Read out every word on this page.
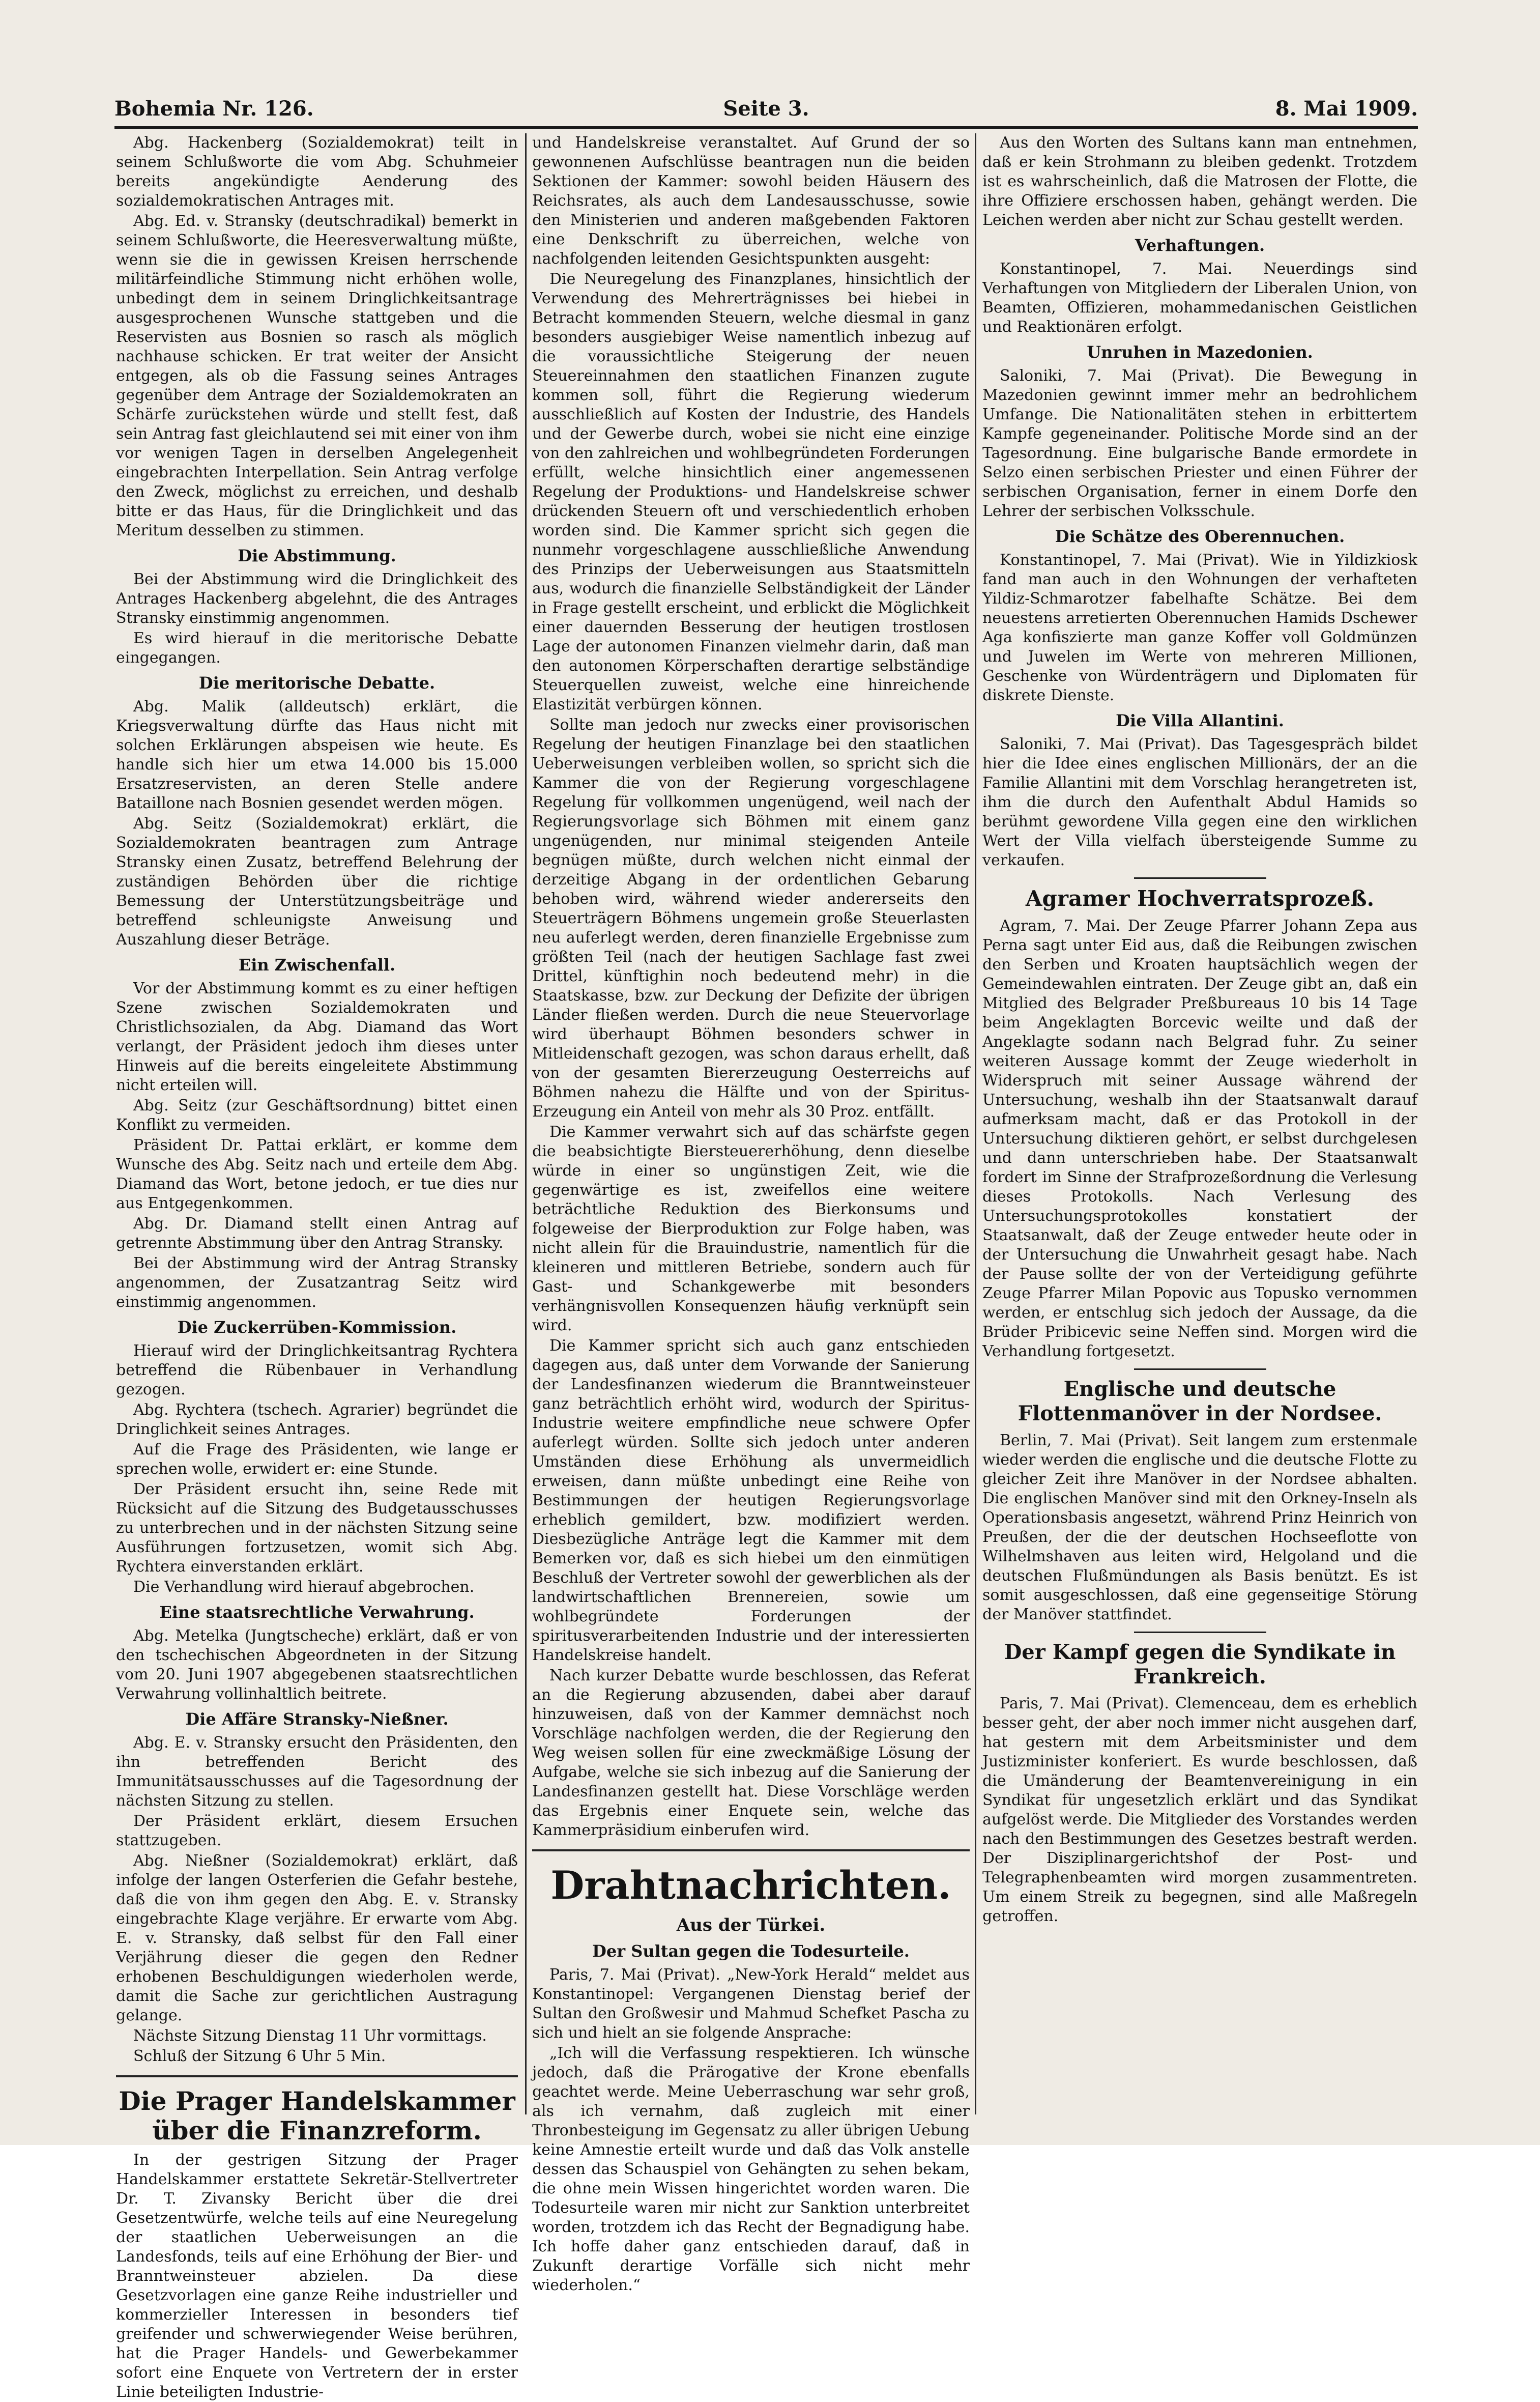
Bohemia Nr. 126.	Seite 3.	8. Mai 1909.

Abg. Hackenberg (Sozialdemokrat) teilt in seinem Schlußworte die vom Abg. Schuhmeier bereits angekündigte Aenderung des sozialdemokratischen Antrages mit.

Abg. Ed. v. Stransky (deutschradikal) bemerkt in seinem Schlußworte, die Heeresverwaltung müßte, wenn sie die in gewissen Kreisen herrschende militärfeindliche Stimmung nicht erhöhen wolle, unbedingt dem in seinem Dringlichkeitsantrage ausgesprochenen Wunsche stattgeben und die Reservisten aus Bosnien so rasch als möglich nachhause schicken. Er trat weiter der Ansicht entgegen, als ob die Fassung seines Antrages gegenüber dem Antrage der Sozialdemokraten an Schärfe zurückstehen würde und stellt fest, daß sein Antrag fast gleichlautend sei mit einer von ihm vor wenigen Tagen in derselben Angelegenheit eingebrachten Interpellation. Sein Antrag verfolge den Zweck, möglichst zu erreichen, und deshalb bitte er das Haus, für die Dringlichkeit und das Meritum desselben zu stimmen.

Die Abstimmung.

Bei der Abstimmung wird die Dringlichkeit des Antrages Hackenberg abgelehnt, die des Antrages Stransky einstimmig angenommen.

Es wird hierauf in die meritorische Debatte eingegangen.

Die meritorische Debatte.

Abg. Malik (alldeutsch) erklärt, die Kriegsverwaltung dürfte das Haus nicht mit solchen Erklärungen abspeisen wie heute. Es handle sich hier um etwa 14.000 bis 15.000 Ersatzreservisten, an deren Stelle andere Bataillone nach Bosnien gesendet werden mögen.

Abg. Seitz (Sozialdemokrat) erklärt, die Sozialdemokraten beantragen zum Antrage Stransky einen Zusatz, betreffend Belehrung der zuständigen Behörden über die richtige Bemessung der Unterstützungsbeiträge und betreffend schleunigste Anweisung und Auszahlung dieser Beträge.

Ein Zwischenfall.

Vor der Abstimmung kommt es zu einer heftigen Szene zwischen Sozialdemokraten und Christlichsozialen, da Abg. Diamand das Wort verlangt, der Präsident jedoch ihm dieses unter Hinweis auf die bereits eingeleitete Abstimmung nicht erteilen will.

Abg. Seitz (zur Geschäftsordnung) bittet einen Konflikt zu vermeiden.

Präsident Dr. Pattai erklärt, er komme dem Wunsche des Abg. Seitz nach und erteile dem Abg. Diamand das Wort, betone jedoch, er tue dies nur aus Entgegenkommen.

Abg. Dr. Diamand stellt einen Antrag auf getrennte Abstimmung über den Antrag Stransky.

Bei der Abstimmung wird der Antrag Stransky angenommen, der Zusatzantrag Seitz wird einstimmig angenommen.

Die Zuckerrüben-Kommission.

Hierauf wird der Dringlichkeitsantrag Rychtera betreffend die Rübenbauer in Verhandlung gezogen.

Abg. Rychtera (tschech. Agrarier) begründet die Dringlichkeit seines Antrages.

Auf die Frage des Präsidenten, wie lange er sprechen wolle, erwidert er: eine Stunde.

Der Präsident ersucht ihn, seine Rede mit Rücksicht auf die Sitzung des Budgetausschusses zu unterbrechen und in der nächsten Sitzung seine Ausführungen fortzusetzen, womit sich Abg. Rychtera einverstanden erklärt.

Die Verhandlung wird hierauf abgebrochen.

Eine staatsrechtliche Verwahrung.

Abg. Metelka (Jungtscheche) erklärt, daß er von den tschechischen Abgeordneten in der Sitzung vom 20. Juni 1907 abgegebenen staatsrechtlichen Verwahrung vollinhaltlich beitrete.

Die Affäre Stransky-Nießner.

Abg. E. v. Stransky ersucht den Präsidenten, den ihn betreffenden Bericht des Immunitätsausschusses auf die Tagesordnung der nächsten Sitzung zu stellen.

Der Präsident erklärt, diesem Ersuchen stattzugeben.

Abg. Nießner (Sozialdemokrat) erklärt, daß infolge der langen Osterferien die Gefahr bestehe, daß die von ihm gegen den Abg. E. v. Stransky eingebrachte Klage verjähre. Er erwarte vom Abg. E. v. Stransky, daß selbst für den Fall einer Verjährung dieser die gegen den Redner erhobenen Beschuldigungen wiederholen werde, damit die Sache zur gerichtlichen Austragung gelange.

Nächste Sitzung Dienstag 11 Uhr vormittags.

Schluß der Sitzung 6 Uhr 5 Min.

Die Prager Handelskammer über die Finanzreform.

In der gestrigen Sitzung der Prager Handelskammer erstattete Sekretär-Stellvertreter Dr. T. Zivansky Bericht über die drei Gesetzentwürfe, welche teils auf eine Neuregelung der staatlichen Ueberweisungen an die Landesfonds, teils auf eine Erhöhung der Bier- und Branntweinsteuer abzielen. Da diese Gesetzvorlagen eine ganze Reihe industrieller und kommerzieller Interessen in besonders tief greifender und schwerwiegender Weise berühren, hat die Prager Handels- und Gewerbekammer sofort eine Enquete von Vertretern der in erster Linie beteiligten Industrie-

und Handelskreise veranstaltet. Auf Grund der so gewonnenen Aufschlüsse beantragen nun die beiden Sektionen der Kammer: sowohl beiden Häusern des Reichsrates, als auch dem Landesausschusse, sowie den Ministerien und anderen maßgebenden Faktoren eine Denkschrift zu überreichen, welche von nachfolgenden leitenden Gesichtspunkten ausgeht:

Die Neuregelung des Finanzplanes, hinsichtlich der Verwendung des Mehrerträgnisses bei hiebei in Betracht kommenden Steuern, welche diesmal in ganz besonders ausgiebiger Weise namentlich inbezug auf die voraussichtliche Steigerung der neuen Steuereinnahmen den staatlichen Finanzen zugute kommen soll, führt die Regierung wiederum ausschließlich auf Kosten der Industrie, des Handels und der Gewerbe durch, wobei sie nicht eine einzige von den zahlreichen und wohlbegründeten Forderungen erfüllt, welche hinsichtlich einer angemessenen Regelung der Produktions- und Handelskreise schwer drückenden Steuern oft und verschiedentlich erhoben worden sind. Die Kammer spricht sich gegen die nunmehr vorgeschlagene ausschließliche Anwendung des Prinzips der Ueberweisungen aus Staatsmitteln aus, wodurch die finanzielle Selbständigkeit der Länder in Frage gestellt erscheint, und erblickt die Möglichkeit einer dauernden Besserung der heutigen trostlosen Lage der autonomen Finanzen vielmehr darin, daß man den autonomen Körperschaften derartige selbständige Steuerquellen zuweist, welche eine hinreichende Elastizität verbürgen können.

Sollte man jedoch nur zwecks einer provisorischen Regelung der heutigen Finanzlage bei den staatlichen Ueberweisungen verbleiben wollen, so spricht sich die Kammer die von der Regierung vorgeschlagene Regelung für vollkommen ungenügend, weil nach der Regierungsvorlage sich Böhmen mit einem ganz ungenügenden, nur minimal steigenden Anteile begnügen müßte, durch welchen nicht einmal der derzeitige Abgang in der ordentlichen Gebarung behoben wird, während wieder andererseits den Steuerträgern Böhmens ungemein große Steuerlasten neu auferlegt werden, deren finanzielle Ergebnisse zum größten Teil (nach der heutigen Sachlage fast zwei Drittel, künftighin noch bedeutend mehr) in die Staatskasse, bzw. zur Deckung der Defizite der übrigen Länder fließen werden. Durch die neue Steuervorlage wird überhaupt Böhmen besonders schwer in Mitleidenschaft gezogen, was schon daraus erhellt, daß von der gesamten Biererzeugung Oesterreichs auf Böhmen nahezu die Hälfte und von der Spiritus-Erzeugung ein Anteil von mehr als 30 Proz. entfällt.

Die Kammer verwahrt sich auf das schärfste gegen die beabsichtigte Biersteuererhöhung, denn dieselbe würde in einer so ungünstigen Zeit, wie die gegenwärtige es ist, zweifellos eine weitere beträchtliche Reduktion des Bierkonsums und folgeweise der Bierproduktion zur Folge haben, was nicht allein für die Brauindustrie, namentlich für die kleineren und mittleren Betriebe, sondern auch für Gast- und Schankgewerbe mit besonders verhängnisvollen Konsequenzen häufig verknüpft sein wird.

Die Kammer spricht sich auch ganz entschieden dagegen aus, daß unter dem Vorwande der Sanierung der Landesfinanzen wiederum die Branntweinsteuer ganz beträchtlich erhöht wird, wodurch der Spiritus-Industrie weitere empfindliche neue schwere Opfer auferlegt würden. Sollte sich jedoch unter anderen Umständen diese Erhöhung als unvermeidlich erweisen, dann müßte unbedingt eine Reihe von Bestimmungen der heutigen Regierungsvorlage erheblich gemildert, bzw. modifiziert werden. Diesbezügliche Anträge legt die Kammer mit dem Bemerken vor, daß es sich hiebei um den einmütigen Beschluß der Vertreter sowohl der gewerblichen als der landwirtschaftlichen Brennereien, sowie um wohlbegründete Forderungen der spiritusverarbeitenden Industrie und der interessierten Handelskreise handelt.

Nach kurzer Debatte wurde beschlossen, das Referat an die Regierung abzusenden, dabei aber darauf hinzuweisen, daß von der Kammer demnächst noch Vorschläge nachfolgen werden, die der Regierung den Weg weisen sollen für eine zweckmäßige Lösung der Aufgabe, welche sie sich inbezug auf die Sanierung der Landesfinanzen gestellt hat. Diese Vorschläge werden das Ergebnis einer Enquete sein, welche das Kammerpräsidium einberufen wird.

Drahtnachrichten.
Aus der Türkei.
Der Sultan gegen die Todesurteile.

Paris, 7. Mai (Privat). „New-York Herald“ meldet aus Konstantinopel: Vergangenen Dienstag berief der Sultan den Großwesir und Mahmud Schefket Pascha zu sich und hielt an sie folgende Ansprache:

„Ich will die Verfassung respektieren. Ich wünsche jedoch, daß die Prärogative der Krone ebenfalls geachtet werde. Meine Ueberraschung war sehr groß, als ich vernahm, daß zugleich mit einer Thronbesteigung im Gegensatz zu aller übrigen Uebung keine Amnestie erteilt wurde und daß das Volk anstelle dessen das Schauspiel von Gehängten zu sehen bekam, die ohne mein Wissen hingerichtet worden waren. Die Todesurteile waren mir nicht zur Sanktion unterbreitet worden, trotzdem ich das Recht der Begnadigung habe. Ich hoffe daher ganz entschieden darauf, daß in Zukunft derartige Vorfälle sich nicht mehr wiederholen.“

Aus den Worten des Sultans kann man entnehmen, daß er kein Strohmann zu bleiben gedenkt. Trotzdem ist es wahrscheinlich, daß die Matrosen der Flotte, die ihre Offiziere erschossen haben, gehängt werden. Die Leichen werden aber nicht zur Schau gestellt werden.

Verhaftungen.

Konstantinopel, 7. Mai. Neuerdings sind Verhaftungen von Mitgliedern der Liberalen Union, von Beamten, Offizieren, mohammedanischen Geistlichen und Reaktionären erfolgt.

Unruhen in Mazedonien.

Saloniki, 7. Mai (Privat). Die Bewegung in Mazedonien gewinnt immer mehr an bedrohlichem Umfange. Die Nationalitäten stehen in erbittertem Kampfe gegeneinander. Politische Morde sind an der Tagesordnung. Eine bulgarische Bande ermordete in Selzo einen serbischen Priester und einen Führer der serbischen Organisation, ferner in einem Dorfe den Lehrer der serbischen Volksschule.

Die Schätze des Oberennuchen.

Konstantinopel, 7. Mai (Privat). Wie in Yildizkiosk fand man auch in den Wohnungen der verhafteten Yildiz-Schmarotzer fabelhafte Schätze. Bei dem neuestens arretierten Oberennuchen Hamids Dschewer Aga konfiszierte man ganze Koffer voll Goldmünzen und Juwelen im Werte von mehreren Millionen, Geschenke von Würdenträgern und Diplomaten für diskrete Dienste.

Die Villa Allantini.

Saloniki, 7. Mai (Privat). Das Tagesgespräch bildet hier die Idee eines englischen Millionärs, der an die Familie Allantini mit dem Vorschlag herangetreten ist, ihm die durch den Aufenthalt Abdul Hamids so berühmt gewordene Villa gegen eine den wirklichen Wert der Villa vielfach übersteigende Summe zu verkaufen.

Agramer Hochverratsprozeß.

Agram, 7. Mai. Der Zeuge Pfarrer Johann Zepa aus Perna sagt unter Eid aus, daß die Reibungen zwischen den Serben und Kroaten hauptsächlich wegen der Gemeindewahlen eintraten. Der Zeuge gibt an, daß ein Mitglied des Belgrader Preßbureaus 10 bis 14 Tage beim Angeklagten Borcevic weilte und daß der Angeklagte sodann nach Belgrad fuhr. Zu seiner weiteren Aussage kommt der Zeuge wiederholt in Widerspruch mit seiner Aussage während der Untersuchung, weshalb ihn der Staatsanwalt darauf aufmerksam macht, daß er das Protokoll in der Untersuchung diktieren gehört, er selbst durchgelesen und dann unterschrieben habe. Der Staatsanwalt fordert im Sinne der Strafprozeßordnung die Verlesung dieses Protokolls. Nach Verlesung des Untersuchungsprotokolles konstatiert der Staatsanwalt, daß der Zeuge entweder heute oder in der Untersuchung die Unwahrheit gesagt habe. Nach der Pause sollte der von der Verteidigung geführte Zeuge Pfarrer Milan Popovic aus Topusko vernommen werden, er entschlug sich jedoch der Aussage, da die Brüder Pribicevic seine Neffen sind. Morgen wird die Verhandlung fortgesetzt.

Englische und deutsche Flottenmanöver in der Nordsee.

Berlin, 7. Mai (Privat). Seit langem zum erstenmale wieder werden die englische und die deutsche Flotte zu gleicher Zeit ihre Manöver in der Nordsee abhalten. Die englischen Manöver sind mit den Orkney-Inseln als Operationsbasis angesetzt, während Prinz Heinrich von Preußen, der die der deutschen Hochseeflotte von Wilhelmshaven aus leiten wird, Helgoland und die deutschen Flußmündungen als Basis benützt. Es ist somit ausgeschlossen, daß eine gegenseitige Störung der Manöver stattfindet.

Der Kampf gegen die Syndikate in Frankreich.

Paris, 7. Mai (Privat). Clemenceau, dem es erheblich besser geht, der aber noch immer nicht ausgehen darf, hat gestern mit dem Arbeitsminister und dem Justizminister konferiert. Es wurde beschlossen, daß die Umänderung der Beamtenvereinigung in ein Syndikat für ungesetzlich erklärt und das Syndikat aufgelöst werde. Die Mitglieder des Vorstandes werden nach den Bestimmungen des Gesetzes bestraft werden. Der Disziplinargerichtshof der Post- und Telegraphenbeamten wird morgen zusammentreten. Um einem Streik zu begegnen, sind alle Maßregeln getroffen.
